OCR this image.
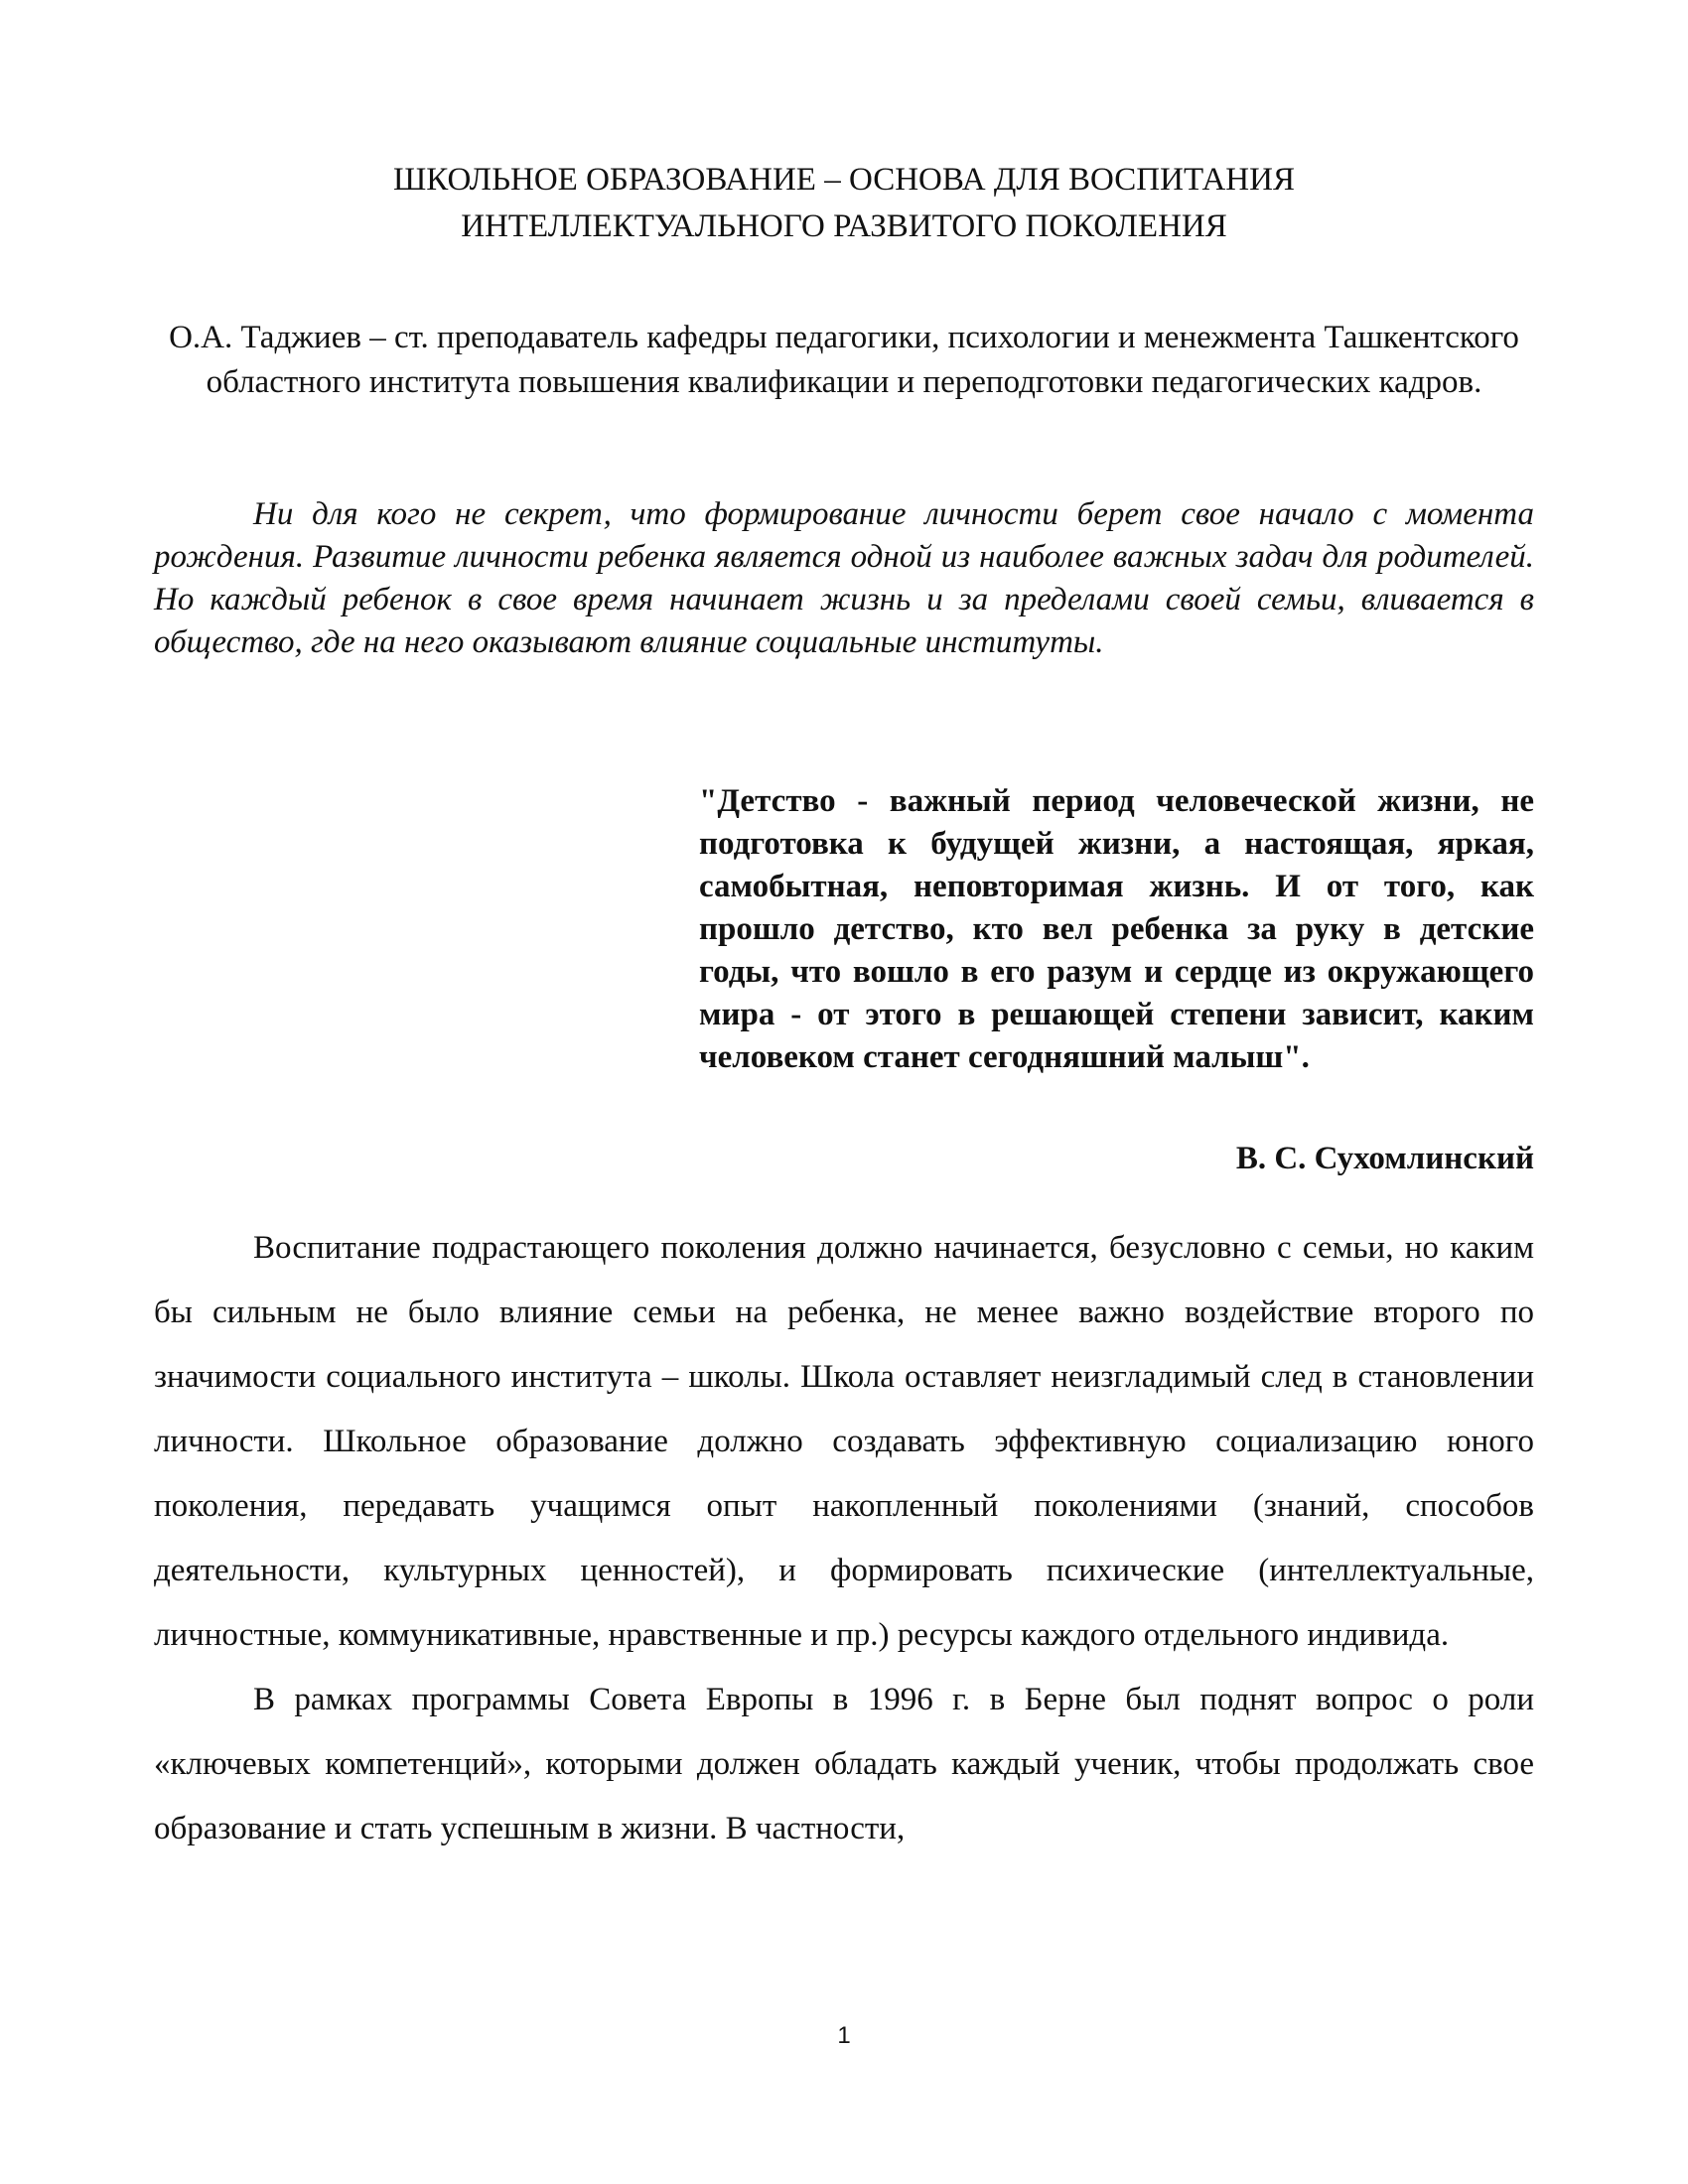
ШКОЛЬНОЕ ОБРАЗОВАНИЕ – ОСНОВА ДЛЯ ВОСПИТАНИЯ
ИНТЕЛЛЕКТУАЛЬНОГО РАЗВИТОГО ПОКОЛЕНИЯ

О.А. Таджиев – ст. преподаватель кафедры педагогики, психологии и менежмента Ташкентского областного института повышения квалификации и переподготовки педагогических кадров.

Ни для кого не секрет, что формирование личности берет свое начало с момента рождения. Развитие личности ребенка является одной из наиболее важных задач для родителей. Но каждый ребенок в свое время начинает жизнь и за пределами своей семьи, вливается в общество, где на него оказывают влияние социальные институты.

"Детство - важный период человеческой жизни, не подготовка к будущей жизни, а настоящая, яркая, самобытная, неповторимая жизнь. И от того, как прошло детство, кто вел ребенка за руку в детские годы, что вошло в его разум и сердце из окружающего мира - от этого в решающей степени зависит, каким человеком станет сегодняшний малыш".

В. С. Сухомлинский

Воспитание подрастающего поколения должно начинается, безусловно с семьи, но каким бы сильным не было влияние семьи на ребенка, не менее важно воздействие второго по значимости социального института – школы. Школа оставляет неизгладимый след в становлении личности. Школьное образование должно создавать эффективную социализацию юного поколения, передавать учащимся опыт накопленный поколениями (знаний, способов деятельности, культурных ценностей), и формировать психические (интеллектуальные, личностные, коммуникативные, нравственные и пр.) ресурсы каждого отдельного индивида.

В рамках программы Совета Европы в 1996 г. в Берне был поднят вопрос о роли «ключевых компетенций», которыми должен обладать каждый ученик, чтобы продолжать свое образование и стать успешным в жизни. В частности,

1
